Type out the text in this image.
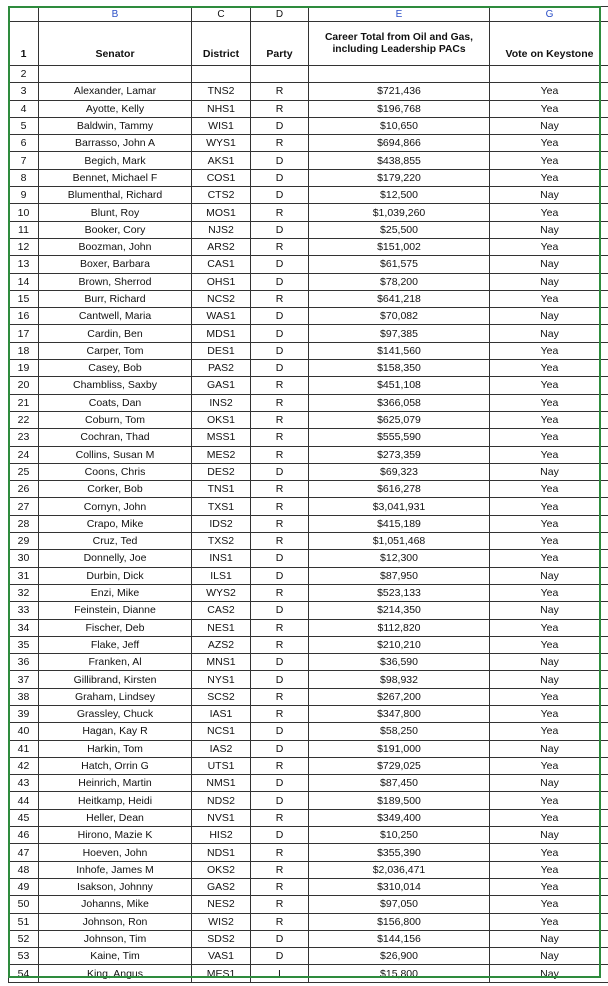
	B	C	D	E	G
1	Senator	District	Party	Career Total from Oil and Gas,
including Leadership PACs	Vote on Keystone
2					
3	Alexander, Lamar	TNS2	R	$721,436	Yea
4	Ayotte, Kelly	NHS1	R	$196,768	Yea
5	Baldwin, Tammy	WIS1	D	$10,650	Nay
6	Barrasso, John A	WYS1	R	$694,866	Yea
7	Begich, Mark	AKS1	D	$438,855	Yea
8	Bennet, Michael F	COS1	D	$179,220	Yea
9	Blumenthal, Richard	CTS2	D	$12,500	Nay
10	Blunt, Roy	MOS1	R	$1,039,260	Yea
11	Booker, Cory	NJS2	D	$25,500	Nay
12	Boozman, John	ARS2	R	$151,002	Yea
13	Boxer, Barbara	CAS1	D	$61,575	Nay
14	Brown, Sherrod	OHS1	D	$78,200	Nay
15	Burr, Richard	NCS2	R	$641,218	Yea
16	Cantwell, Maria	WAS1	D	$70,082	Nay
17	Cardin, Ben	MDS1	D	$97,385	Nay
18	Carper, Tom	DES1	D	$141,560	Yea
19	Casey, Bob	PAS2	D	$158,350	Yea
20	Chambliss, Saxby	GAS1	R	$451,108	Yea
21	Coats, Dan	INS2	R	$366,058	Yea
22	Coburn, Tom	OKS1	R	$625,079	Yea
23	Cochran, Thad	MSS1	R	$555,590	Yea
24	Collins, Susan M	MES2	R	$273,359	Yea
25	Coons, Chris	DES2	D	$69,323	Nay
26	Corker, Bob	TNS1	R	$616,278	Yea
27	Cornyn, John	TXS1	R	$3,041,931	Yea
28	Crapo, Mike	IDS2	R	$415,189	Yea
29	Cruz, Ted	TXS2	R	$1,051,468	Yea
30	Donnelly, Joe	INS1	D	$12,300	Yea
31	Durbin, Dick	ILS1	D	$87,950	Nay
32	Enzi, Mike	WYS2	R	$523,133	Yea
33	Feinstein, Dianne	CAS2	D	$214,350	Nay
34	Fischer, Deb	NES1	R	$112,820	Yea
35	Flake, Jeff	AZS2	R	$210,210	Yea
36	Franken, Al	MNS1	D	$36,590	Nay
37	Gillibrand, Kirsten	NYS1	D	$98,932	Nay
38	Graham, Lindsey	SCS2	R	$267,200	Yea
39	Grassley, Chuck	IAS1	R	$347,800	Yea
40	Hagan, Kay R	NCS1	D	$58,250	Yea
41	Harkin, Tom	IAS2	D	$191,000	Nay
42	Hatch, Orrin G	UTS1	R	$729,025	Yea
43	Heinrich, Martin	NMS1	D	$87,450	Nay
44	Heitkamp, Heidi	NDS2	D	$189,500	Yea
45	Heller, Dean	NVS1	R	$349,400	Yea
46	Hirono, Mazie K	HIS2	D	$10,250	Nay
47	Hoeven, John	NDS1	R	$355,390	Yea
48	Inhofe, James M	OKS2	R	$2,036,471	Yea
49	Isakson, Johnny	GAS2	R	$310,014	Yea
50	Johanns, Mike	NES2	R	$97,050	Yea
51	Johnson, Ron	WIS2	R	$156,800	Yea
52	Johnson, Tim	SDS2	D	$144,156	Nay
53	Kaine, Tim	VAS1	D	$26,900	Nay
54	King, Angus	MES1	I	$15,800	Nay
